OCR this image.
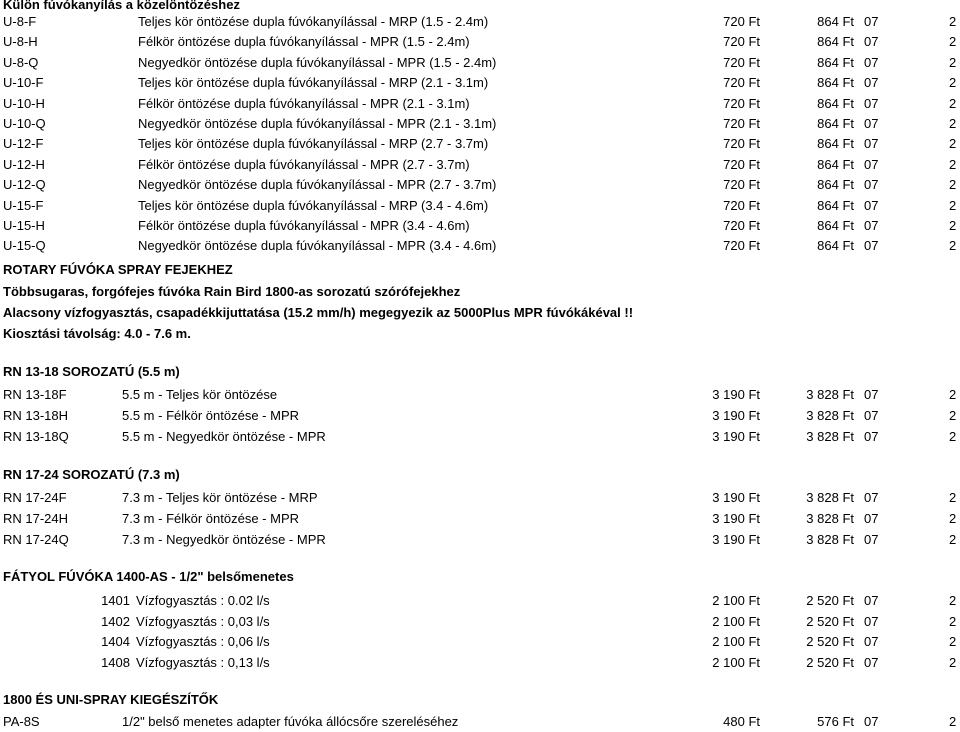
Külön fúvókanyílás a közelöntözéshez
U-8-F	Teljes kör öntözése dupla fúvókanyílással - MRP (1.5 - 2.4m)	720 Ft	864 Ft 07	2
U-8-H	Félkör öntözése dupla fúvókanyílással - MPR (1.5 - 2.4m)	720 Ft	864 Ft 07	2
U-8-Q	Negyedkör öntözése dupla fúvókanyílással - MPR (1.5 - 2.4m)	720 Ft	864 Ft 07	2
U-10-F	Teljes kör öntözése dupla fúvókanyílással - MRP (2.1 - 3.1m)	720 Ft	864 Ft 07	2
U-10-H	Félkör öntözése dupla fúvókanyílással - MPR (2.1 - 3.1m)	720 Ft	864 Ft 07	2
U-10-Q	Negyedkör öntözése dupla fúvókanyílással - MPR (2.1 - 3.1m)	720 Ft	864 Ft 07	2
U-12-F	Teljes kör öntözése dupla fúvókanyílással - MRP (2.7 - 3.7m)	720 Ft	864 Ft 07	2
U-12-H	Félkör öntözése dupla fúvókanyílással - MPR (2.7 - 3.7m)	720 Ft	864 Ft 07	2
U-12-Q	Negyedkör öntözése dupla fúvókanyílással - MPR (2.7 - 3.7m)	720 Ft	864 Ft 07	2
U-15-F	Teljes kör öntözése dupla fúvókanyílással - MRP (3.4 - 4.6m)	720 Ft	864 Ft 07	2
U-15-H	Félkör öntözése dupla fúvókanyílással - MPR (3.4 - 4.6m)	720 Ft	864 Ft 07	2
U-15-Q	Negyedkör öntözése dupla fúvókanyílással - MPR (3.4 - 4.6m)	720 Ft	864 Ft 07	2
ROTARY FÚVÓKA SPRAY FEJEKHEZ
Többsugaras, forgófejes fúvóka Rain Bird 1800-as sorozatú szórófejekhez
Alacsony vízfogyasztás, csapadékkijuttatása (15.2 mm/h) megegyezik az 5000Plus MPR fúvókákéval !!
Kiosztási távolság: 4.0 - 7.6 m.
RN 13-18 SOROZATÚ (5.5 m)
RN 13-18F	5.5 m - Teljes kör öntözése	3 190 Ft	3 828 Ft 07	2
RN 13-18H	5.5 m - Félkör öntözése - MPR	3 190 Ft	3 828 Ft 07	2
RN 13-18Q	5.5 m - Negyedkör öntözése - MPR	3 190 Ft	3 828 Ft 07	2
RN 17-24 SOROZATÚ (7.3 m)
RN 17-24F	7.3 m - Teljes kör öntözése - MRP	3 190 Ft	3 828 Ft 07	2
RN 17-24H	7.3 m - Félkör öntözése - MPR	3 190 Ft	3 828 Ft 07	2
RN 17-24Q	7.3 m - Negyedkör öntözése - MPR	3 190 Ft	3 828 Ft 07	2
FÁTYOL FÚVÓKA 1400-AS - 1/2" belsőmenetes
1401 Vízfogyasztás : 0.02 l/s	2 100 Ft	2 520 Ft 07	2
1402 Vízfogyasztás : 0,03 l/s	2 100 Ft	2 520 Ft 07	2
1404 Vízfogyasztás : 0,06 l/s	2 100 Ft	2 520 Ft 07	2
1408 Vízfogyasztás : 0,13 l/s	2 100 Ft	2 520 Ft 07	2
1800 ÉS UNI-SPRAY KIEGÉSZÍTŐK
PA-8S	1/2" belső menetes adapter fúvóka állócsőre szereléséhez	480 Ft	576 Ft 07	2
